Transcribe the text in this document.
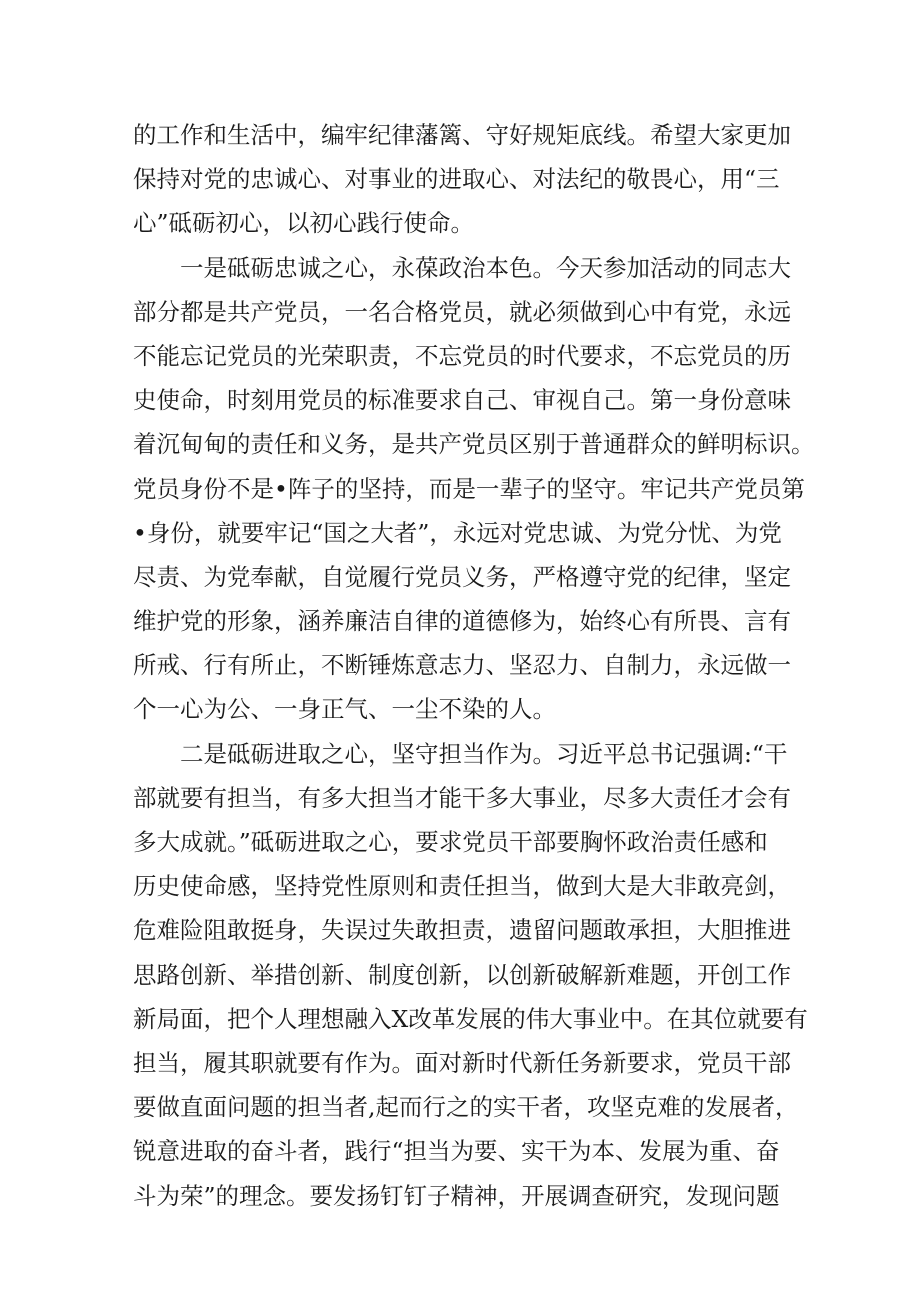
的工作和生活中，编牢纪律藩篱、守好规矩底线。希望大家更加
保持对党的忠诚心、对事业的进取心、对法纪的敬畏心，用“三
心”砥砺初心，以初心践行使命。
　　一是砥砺忠诚之心，永葆政治本色。今天参加活动的同志大
部分都是共产党员，一名合格党员，就必须做到心中有党，永远
不能忘记党员的光荣职责，不忘党员的时代要求，不忘党员的历
史使命，时刻用党员的标准要求自己、审视自己。第一身份意味
着沉甸甸的责任和义务，是共产党员区别于普通群众的鲜明标识。
党员身份不是•阵子的坚持，而是一辈子的坚守。牢记共产党员第
•身份，就要牢记“国之大者”，永远对党忠诚、为党分忧、为党
尽责、为党奉献，自觉履行党员义务，严格遵守党的纪律，坚定
维护党的形象，涵养廉洁自律的道德修为，始终心有所畏、言有
所戒、行有所止，不断锤炼意志力、坚忍力、自制力，永远做一
个一心为公、一身正气、一尘不染的人。
　　二是砥砺进取之心，坚守担当作为。习近平总书记强调:“干
部就要有担当，有多大担当才能干多大事业，尽多大责任才会有
多大成就。”砥砺进取之心，要求党员干部要胸怀政治责任感和
历史使命感，坚持党性原则和责任担当，做到大是大非敢亮剑，
危难险阻敢挺身，失误过失敢担责，遗留问题敢承担，大胆推进
思路创新、举措创新、制度创新，以创新破解新难题，开创工作
新局面，把个人理想融入X改革发展的伟大事业中。在其位就要有
担当，履其职就要有作为。面对新时代新任务新要求，党员干部
要做直面问题的担当者,起而行之的实干者，攻坚克难的发展者，
锐意进取的奋斗者，践行“担当为要、实干为本、发展为重、奋
斗为荣”的理念。要发扬钉钉子精神，开展调查研究，发现问题
